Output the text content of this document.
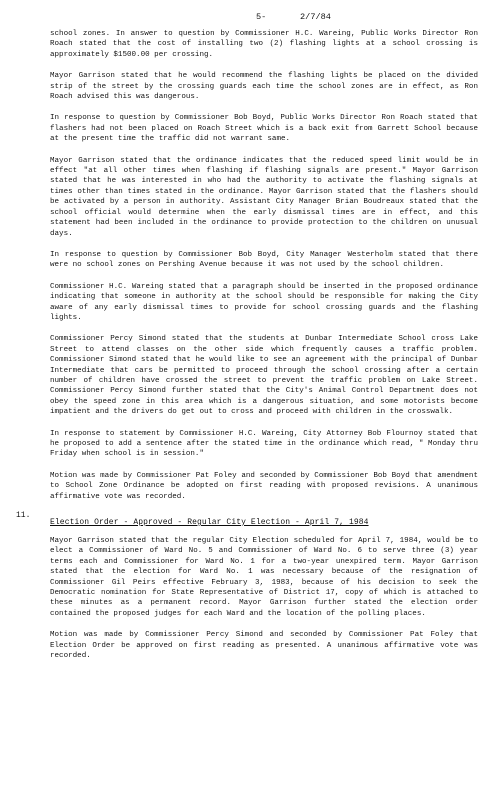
5-	2/7/84

school zones. In answer to question by Commissioner H.C. Wareing, Public Works Director Ron Roach stated that the cost of installing two (2) flashing lights at a school crossing is approximately $1500.00 per crossing.

Mayor Garrison stated that he would recommend the flashing lights be placed on the divided strip of the street by the crossing guards each time the school zones are in effect, as Ron Roach advised this was dangerous.

In response to question by Commissioner Bob Boyd, Public Works Director Ron Roach stated that flashers had not been placed on Roach Street which is a back exit from Garrett School because at the present time the traffic did not warrant same.

Mayor Garrison stated that the ordinance indicates that the reduced speed limit would be in effect "at all other times when flashing if flashing signals are present." Mayor Garrison stated that he was interested in who had the authority to activate the flashing signals at times other than times stated in the ordinance. Mayor Garrison stated that the flashers should be activated by a person in authority. Assistant City Manager Brian Boudreaux stated that the school official would determine when the early dismissal times are in effect, and this statement had been included in the ordinance to provide protection to the children on unusual days.

In response to question by Commissioner Bob Boyd, City Manager Westerholm stated that there were no school zones on Pershing Avenue because it was not used by the school children.

Commissioner H.C. Wareing stated that a paragraph should be inserted in the proposed ordinance indicating that someone in authority at the school should be responsible for making the City aware of any early dismissal times to provide for school crossing guards and the flashing lights.

Commissioner Percy Simond stated that the students at Dunbar Intermediate School cross Lake Street to attend classes on the other side which frequently causes a traffic problem. Commissioner Simond stated that he would like to see an agreement with the principal of Dunbar Intermediate that cars be permitted to proceed through the school crossing after a certain number of children have crossed the street to prevent the traffic problem on Lake Street. Commissioner Percy Simond further stated that the City's Animal Control Department does not obey the speed zone in this area which is a dangerous situation, and some motorists become impatient and the drivers do get out to cross and proceed with children in the crosswalk.

In response to statement by Commissioner H.C. Wareing, City Attorney Bob Flournoy stated that he proposed to add a sentence after the stated time in the ordinance which read, " Monday thru Friday when school is in session."

Motion was made by Commissioner Pat Foley and seconded by Commissioner Bob Boyd that amendment to School Zone Ordinance be adopted on first reading with proposed revisions. A unanimous affirmative vote was recorded.

11.
Election Order - Approved - Regular City Election - April 7, 1984

Mayor Garrison stated that the regular City Election scheduled for April 7, 1984, would be to elect a Commissioner of Ward No. 5 and Commissioner of Ward No. 6 to serve three (3) year terms each and Commissioner for Ward No. 1 for a two-year unexpired term. Mayor Garrison stated that the election for Ward No. 1 was necessary because of the resignation of Commissioner Gil Peirs effective February 3, 1983, because of his decision to seek the Democratic nomination for State Representative of District 17, copy of which is attached to these minutes as a permanent record. Mayor Garrison further stated the election order contained the proposed judges for each Ward and the location of the polling places.

Motion was made by Commissioner Percy Simond and seconded by Commissioner Pat Foley that Election Order be approved on first reading as presented. A unanimous affirmative vote was recorded.
